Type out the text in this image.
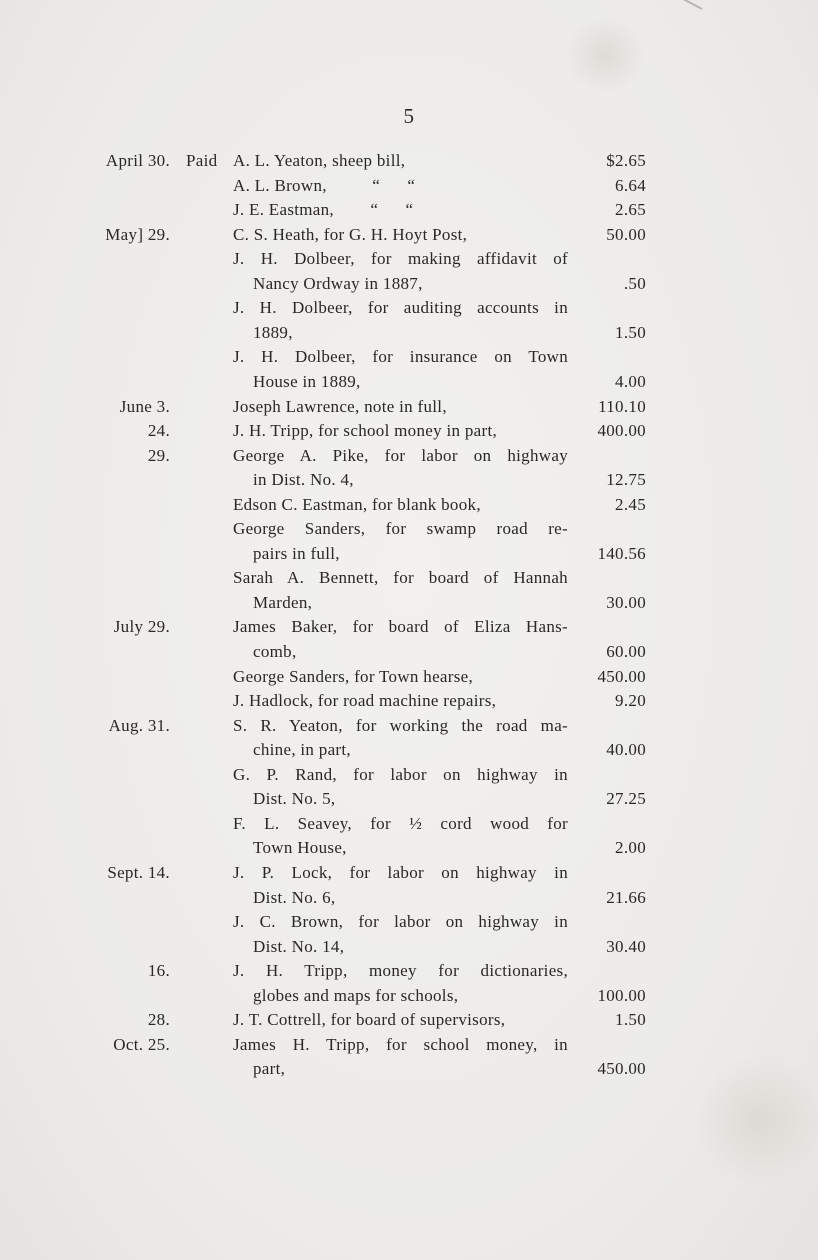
5
April 30. Paid A. L. Yeaton, sheep bill,	$2.65
A. L. Brown,          “      “	6.64
J. E. Eastman,        “      “	2.65
May] 29.	C. S. Heath, for G. H. Hoyt Post,	50.00
J. H. Dolbeer, for making affidavit of
Nancy Ordway in 1887,	.50
J. H. Dolbeer, for auditing accounts in
1889,	1.50
J. H. Dolbeer, for insurance on Town
House in 1889,	4.00
June 3.	Joseph Lawrence, note in full,	110.10
24.	J. H. Tripp, for school money in part,	400.00
29.	George A. Pike, for labor on highway
in Dist. No. 4,	12.75
Edson C. Eastman, for blank book,	2.45
George Sanders, for swamp road re-
pairs in full,	140.56
Sarah A. Bennett, for board of Hannah
Marden,	30.00
July 29.	James Baker, for board of Eliza Hans-
comb,	60.00
George Sanders, for Town hearse,	450.00
J. Hadlock, for road machine repairs,	9.20
Aug. 31.	S. R. Yeaton, for working the road ma-
chine, in part,	40.00
G. P. Rand, for labor on highway in
Dist. No. 5,	27.25
F. L. Seavey, for ½ cord wood for
Town House,	2.00
Sept. 14.	J. P. Lock, for labor on highway in
Dist. No. 6,	21.66
J. C. Brown, for labor on highway in
Dist. No. 14,	30.40
16.	J. H. Tripp, money for dictionaries,
globes and maps for schools,	100.00
28.	J. T. Cottrell, for board of supervisors,	1.50
Oct. 25.	James H. Tripp, for school money, in
part,	450.00
